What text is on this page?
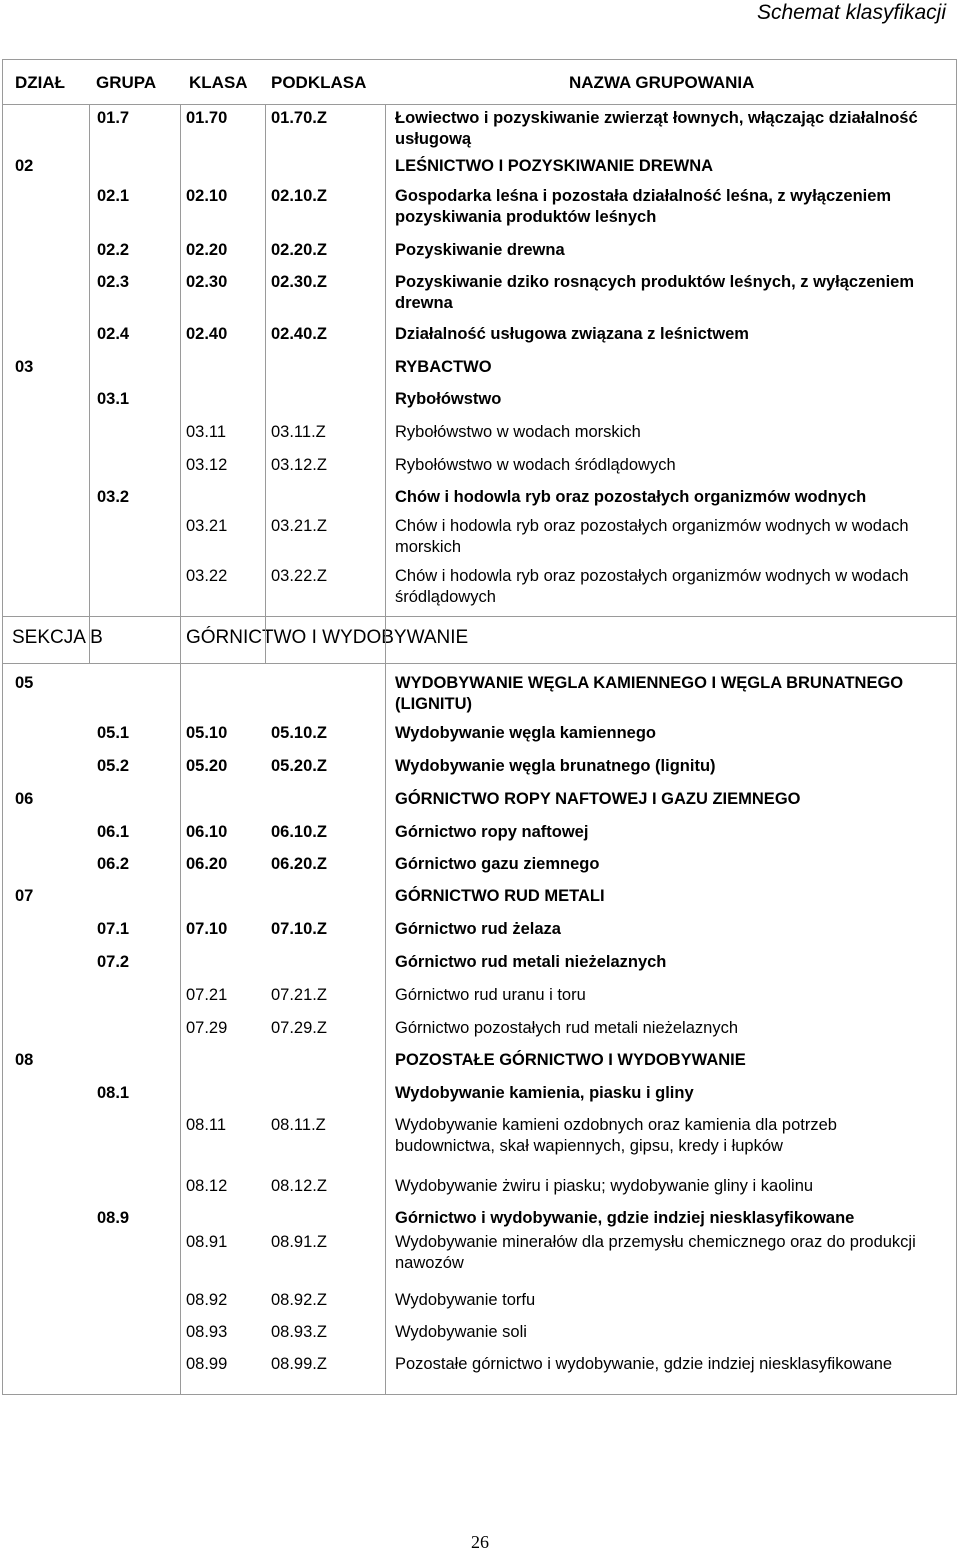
Schemat klasyfikacji
DZIAŁ GRUPA KLASA PODKLASA	NAZWA GRUPOWANIA
01.7	01.70	01.70.Z	Łowiectwo i pozyskiwanie zwierząt łownych, włączając działalność usługową
02	LEŚNICTWO I POZYSKIWANIE DREWNA
02.1	02.10	02.10.Z	Gospodarka leśna i pozostała działalność leśna, z wyłączeniem pozyskiwania produktów leśnych
02.2	02.20	02.20.Z	Pozyskiwanie drewna
02.3	02.30	02.30.Z	Pozyskiwanie dziko rosnących produktów leśnych, z wyłączeniem drewna
02.4	02.40	02.40.Z	Działalność usługowa związana z leśnictwem
03	RYBACTWO
03.1	Rybołówstwo
03.11	03.11.Z	Rybołówstwo w wodach morskich
03.12	03.12.Z	Rybołówstwo w wodach śródlądowych
03.2	Chów i hodowla ryb oraz pozostałych organizmów wodnych
03.21	03.21.Z	Chów i hodowla ryb oraz pozostałych organizmów wodnych w wodach morskich
03.22	03.22.Z	Chów i hodowla ryb oraz pozostałych organizmów wodnych w wodach śródlądowych
SEKCJA B	GÓRNICTWO I WYDOBYWANIE
05	WYDOBYWANIE WĘGLA KAMIENNEGO I WĘGLA BRUNATNEGO (LIGNITU)
05.1	05.10	05.10.Z	Wydobywanie węgla kamiennego
05.2	05.20	05.20.Z	Wydobywanie węgla brunatnego (lignitu)
06	GÓRNICTWO ROPY NAFTOWEJ I GAZU ZIEMNEGO
06.1	06.10	06.10.Z	Górnictwo ropy naftowej
06.2	06.20	06.20.Z	Górnictwo gazu ziemnego
07	GÓRNICTWO RUD METALI
07.1	07.10	07.10.Z	Górnictwo rud żelaza
07.2	Górnictwo rud metali nieżelaznych
07.21	07.21.Z	Górnictwo rud uranu i toru
07.29	07.29.Z	Górnictwo pozostałych rud metali nieżelaznych
08	POZOSTAŁE GÓRNICTWO I WYDOBYWANIE
08.1	Wydobywanie kamienia, piasku i gliny
08.11	08.11.Z	Wydobywanie kamieni ozdobnych oraz kamienia dla potrzeb budownictwa, skał wapiennych, gipsu, kredy i łupków
08.12	08.12.Z	Wydobywanie żwiru i piasku; wydobywanie gliny i kaolinu
08.9	Górnictwo i wydobywanie, gdzie indziej niesklasyfikowane
08.91	08.91.Z	Wydobywanie minerałów dla przemysłu chemicznego oraz do produkcji nawozów
08.92	08.92.Z	Wydobywanie torfu
08.93	08.93.Z	Wydobywanie soli
08.99	08.99.Z	Pozostałe górnictwo i wydobywanie, gdzie indziej niesklasyfikowane
26
